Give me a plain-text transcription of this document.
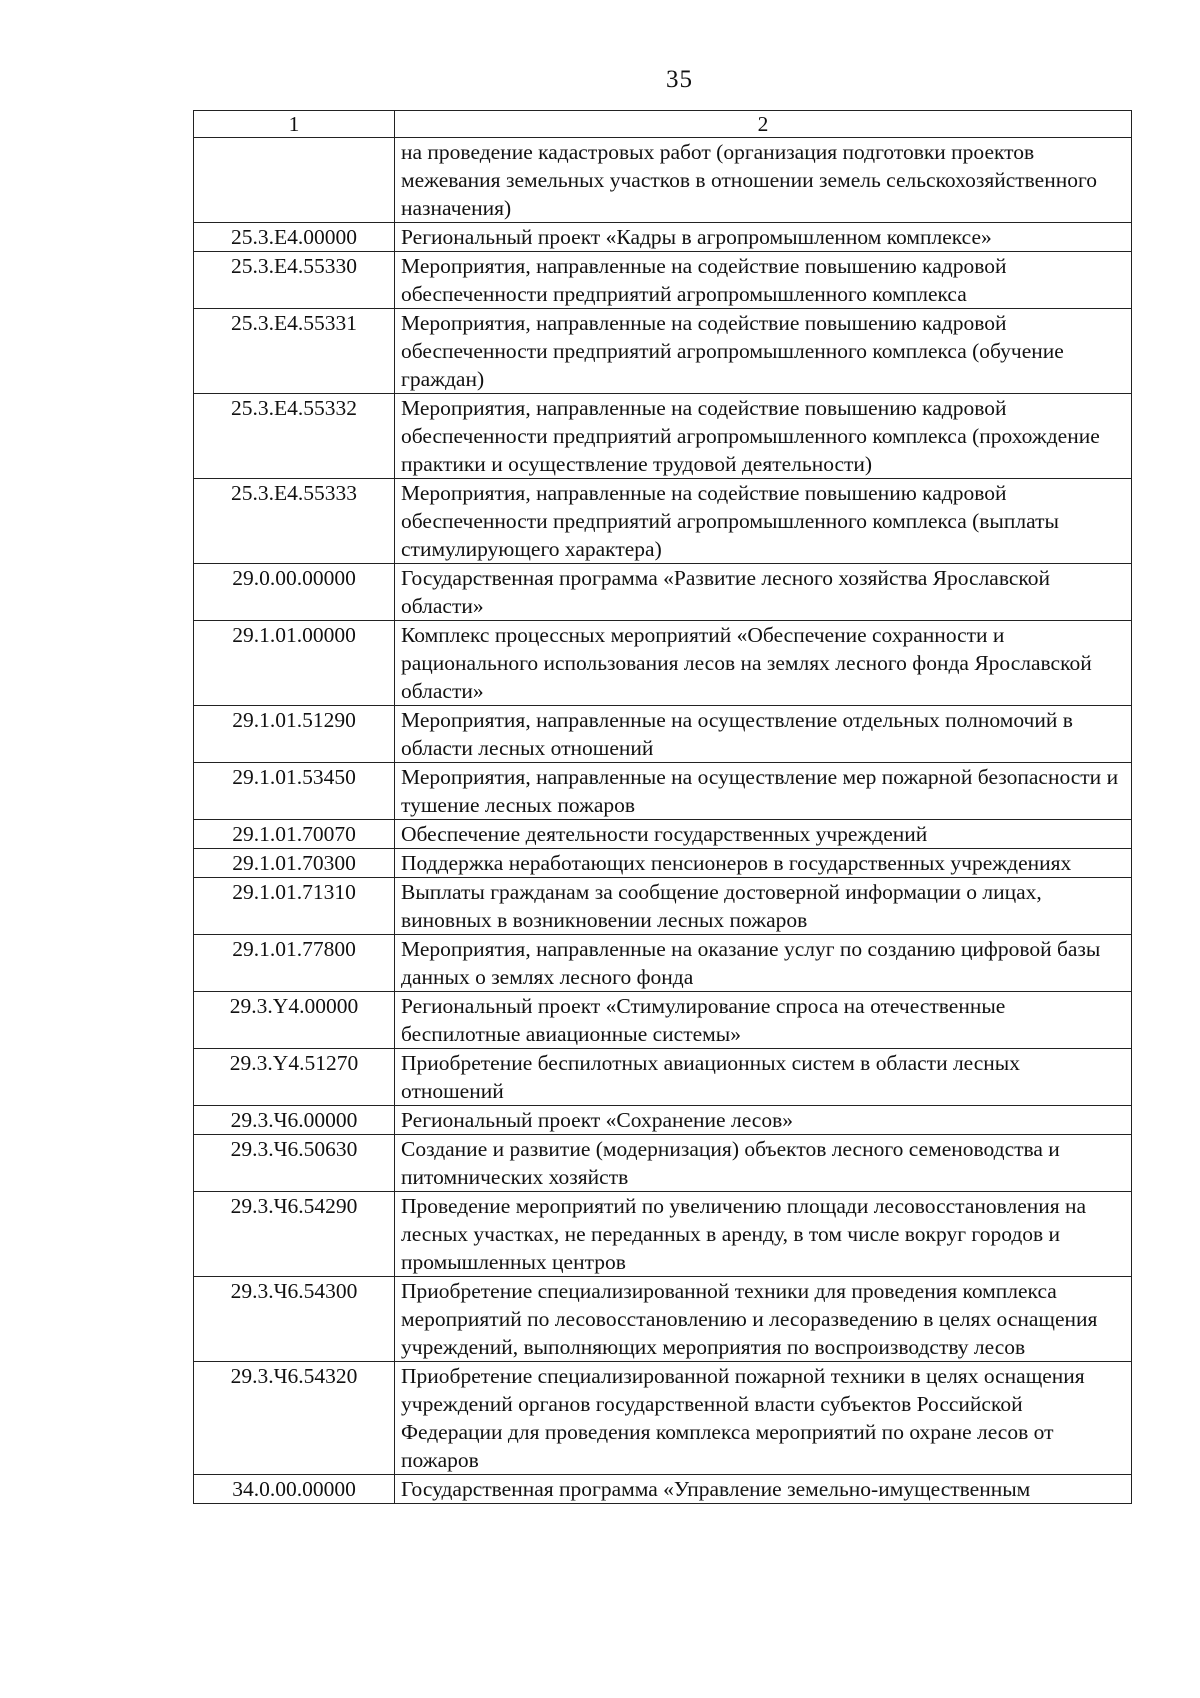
35
1	2
	на проведение кадастровых работ (организация подготовки проектов межевания земельных участков в отношении земель сельскохозяйственного назначения)
25.3.Е4.00000	Региональный проект «Кадры в агропромышленном комплексе»
25.3.Е4.55330	Мероприятия, направленные на содействие повышению кадровой обеспеченности предприятий агропромышленного комплекса
25.3.Е4.55331	Мероприятия, направленные на содействие повышению кадровой обеспеченности предприятий агропромышленного комплекса (обучение граждан)
25.3.Е4.55332	Мероприятия, направленные на содействие повышению кадровой обеспеченности предприятий агропромышленного комплекса (прохождение практики и осуществление трудовой деятельности)
25.3.Е4.55333	Мероприятия, направленные на содействие повышению кадровой обеспеченности предприятий агропромышленного комплекса (выплаты стимулирующего характера)
29.0.00.00000	Государственная программа «Развитие лесного хозяйства Ярославской области»
29.1.01.00000	Комплекс процессных мероприятий «Обеспечение сохранности и рационального использования лесов на землях лесного фонда Ярославской области»
29.1.01.51290	Мероприятия, направленные на осуществление отдельных полномочий в области лесных отношений
29.1.01.53450	Мероприятия, направленные на осуществление мер пожарной безопасности и тушение лесных пожаров
29.1.01.70070	Обеспечение деятельности государственных учреждений
29.1.01.70300	Поддержка неработающих пенсионеров в государственных учреждениях
29.1.01.71310	Выплаты гражданам за сообщение достоверной информации о лицах, виновных в возникновении лесных пожаров
29.1.01.77800	Мероприятия, направленные на оказание услуг по созданию цифровой базы данных о землях лесного фонда
29.3.Y4.00000	Региональный проект «Стимулирование спроса на отечественные беспилотные авиационные системы»
29.3.Y4.51270	Приобретение беспилотных авиационных систем в области лесных отношений
29.3.Ч6.00000	Региональный проект «Сохранение лесов»
29.3.Ч6.50630	Создание и развитие (модернизация) объектов лесного семеноводства и питомнических хозяйств
29.3.Ч6.54290	Проведение мероприятий по увеличению площади лесовосстановления на лесных участках, не переданных в аренду, в том числе вокруг городов и промышленных центров
29.3.Ч6.54300	Приобретение специализированной техники для проведения комплекса мероприятий по лесовосстановлению и лесоразведению в целях оснащения учреждений, выполняющих мероприятия по воспроизводству лесов
29.3.Ч6.54320	Приобретение специализированной пожарной техники в целях оснащения учреждений органов государственной власти субъектов Российской Федерации для проведения комплекса мероприятий по охране лесов от пожаров
34.0.00.00000	Государственная программа «Управление земельно-имущественным
